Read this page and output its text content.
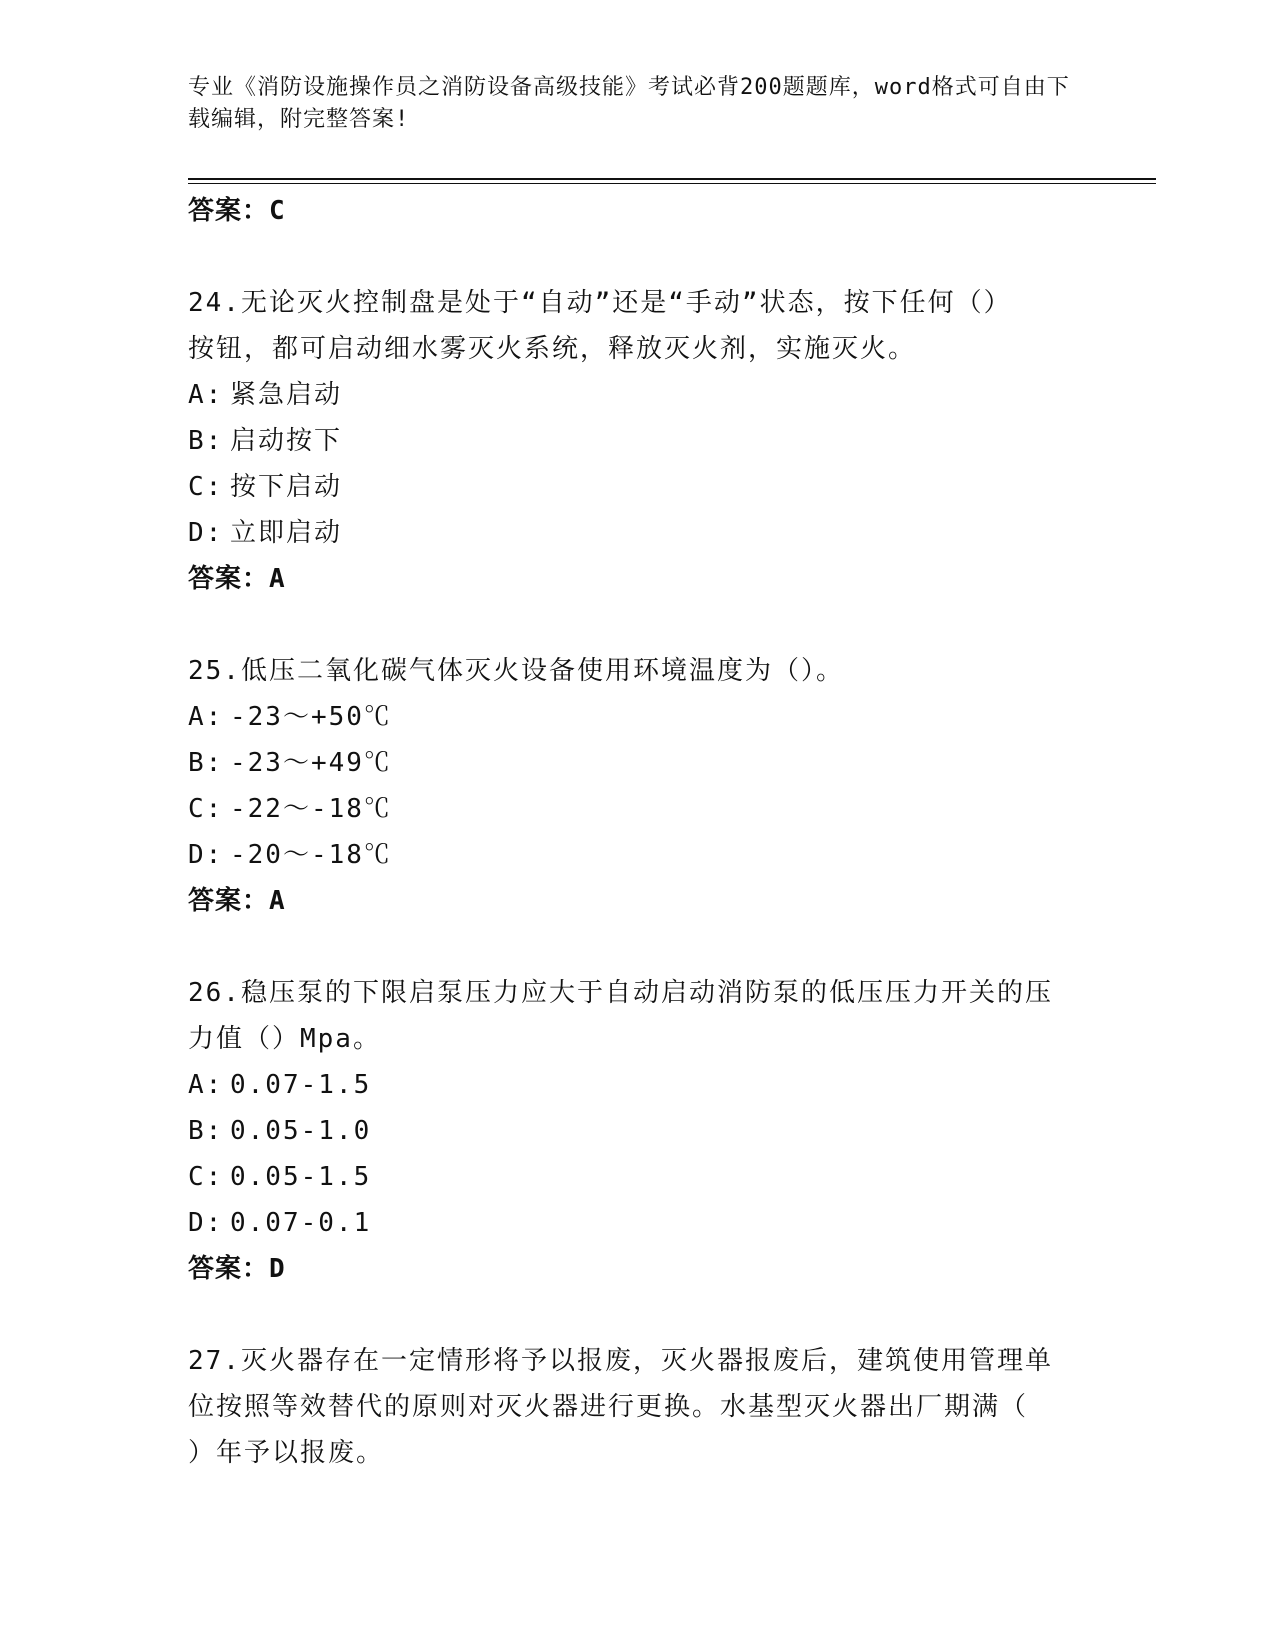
专业《消防设施操作员之消防设备高级技能》考试必背200题题库，word格式可自由下载编辑，附完整答案!
答案：C
24.无论灭火控制盘是处于“自动”还是“手动”状态，按下任何（）
按钮，都可启动细水雾灭火系统，释放灭火剂，实施灭火。
A: 紧急启动
B: 启动按下
C: 按下启动
D: 立即启动
答案：A
25.低压二氧化碳气体灭火设备使用环境温度为（）。
A: -23～+50℃
B: -23～+49℃
C: -22～-18℃
D: -20～-18℃
答案：A
26.稳压泵的下限启泵压力应大于自动启动消防泵的低压压力开关的压
力值（）Mpa。
A: 0.07-1.5
B: 0.05-1.0
C: 0.05-1.5
D: 0.07-0.1
答案：D
27.灭火器存在一定情形将予以报废，灭火器报废后，建筑使用管理单
位按照等效替代的原则对灭火器进行更换。水基型灭火器出厂期满（
）年予以报废。
